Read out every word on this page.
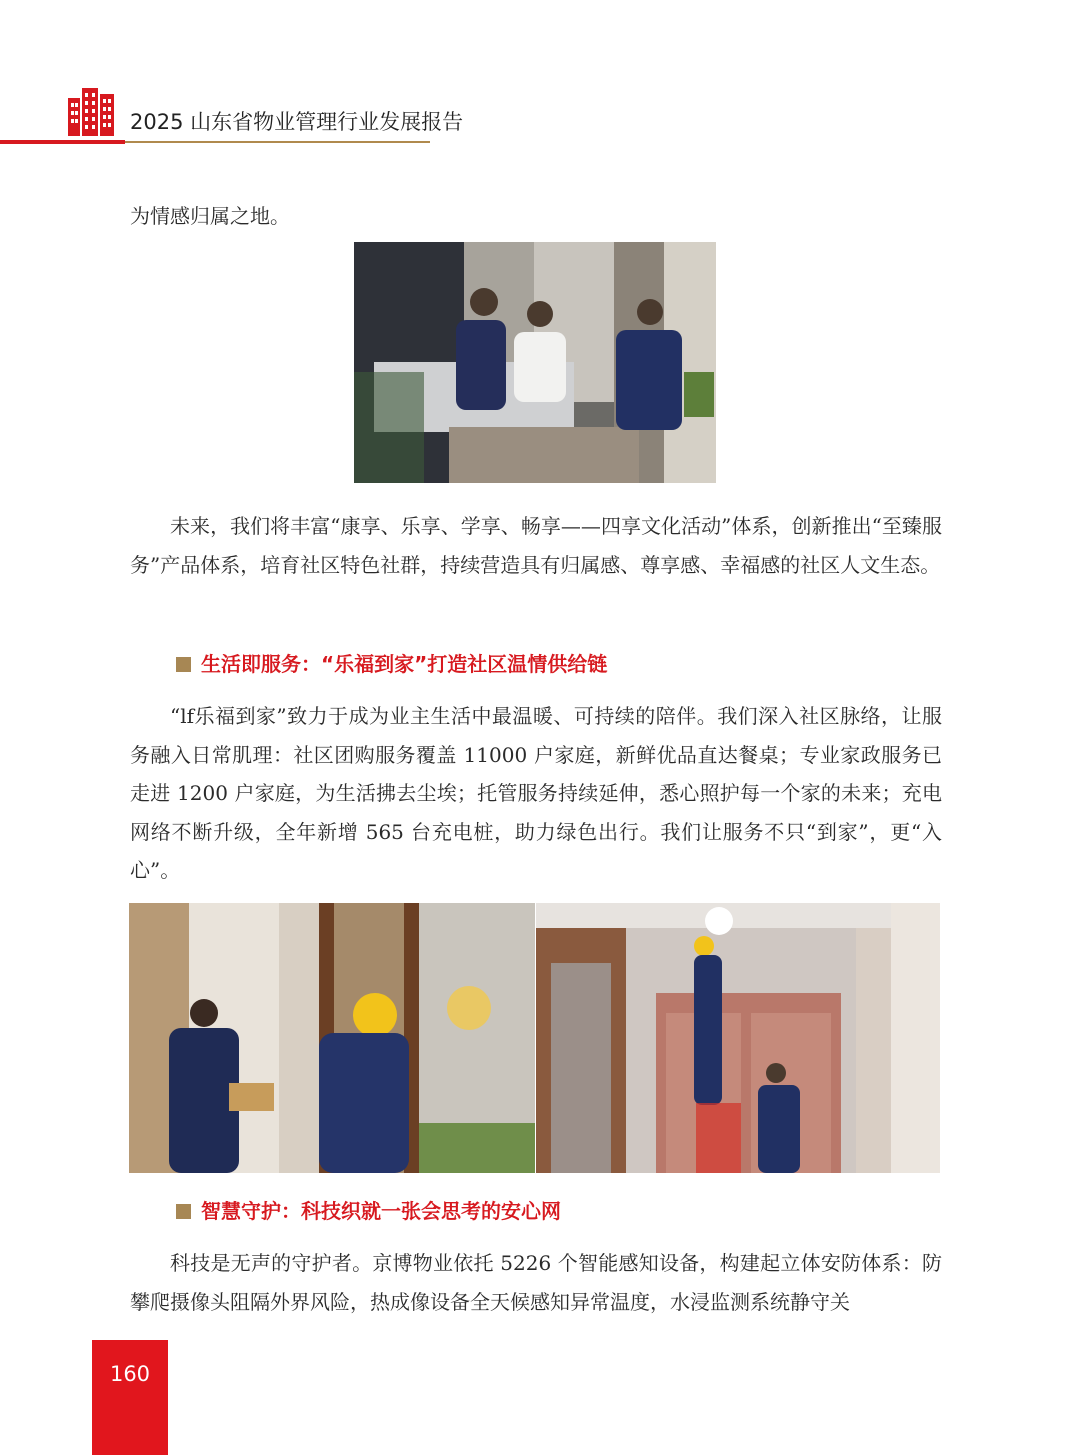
2025 山东省物业管理行业发展报告

为情感归属之地。

未来，我们将丰富“康享、乐享、学享、畅享——四享文化活动”体系，创新推出“至臻服务”产品体系，培育社区特色社群，持续营造具有归属感、尊享感、幸福感的社区人文生态。

生活即服务：“乐福到家”打造社区温情供给链

“lf乐福到家”致力于成为业主生活中最温暖、可持续的陪伴。我们深入社区脉络，让服务融入日常肌理：社区团购服务覆盖 11000 户家庭，新鲜优品直达餐桌；专业家政服务已走进 1200 户家庭，为生活拂去尘埃；托管服务持续延伸，悉心照护每一个家的未来；充电网络不断升级，全年新增 565 台充电桩，助力绿色出行。我们让服务不只“到家”，更“入心”。

智慧守护：科技织就一张会思考的安心网

科技是无声的守护者。京博物业依托 5226 个智能感知设备，构建起立体安防体系：防攀爬摄像头阻隔外界风险，热成像设备全天候感知异常温度，水浸监测系统静守关

160
